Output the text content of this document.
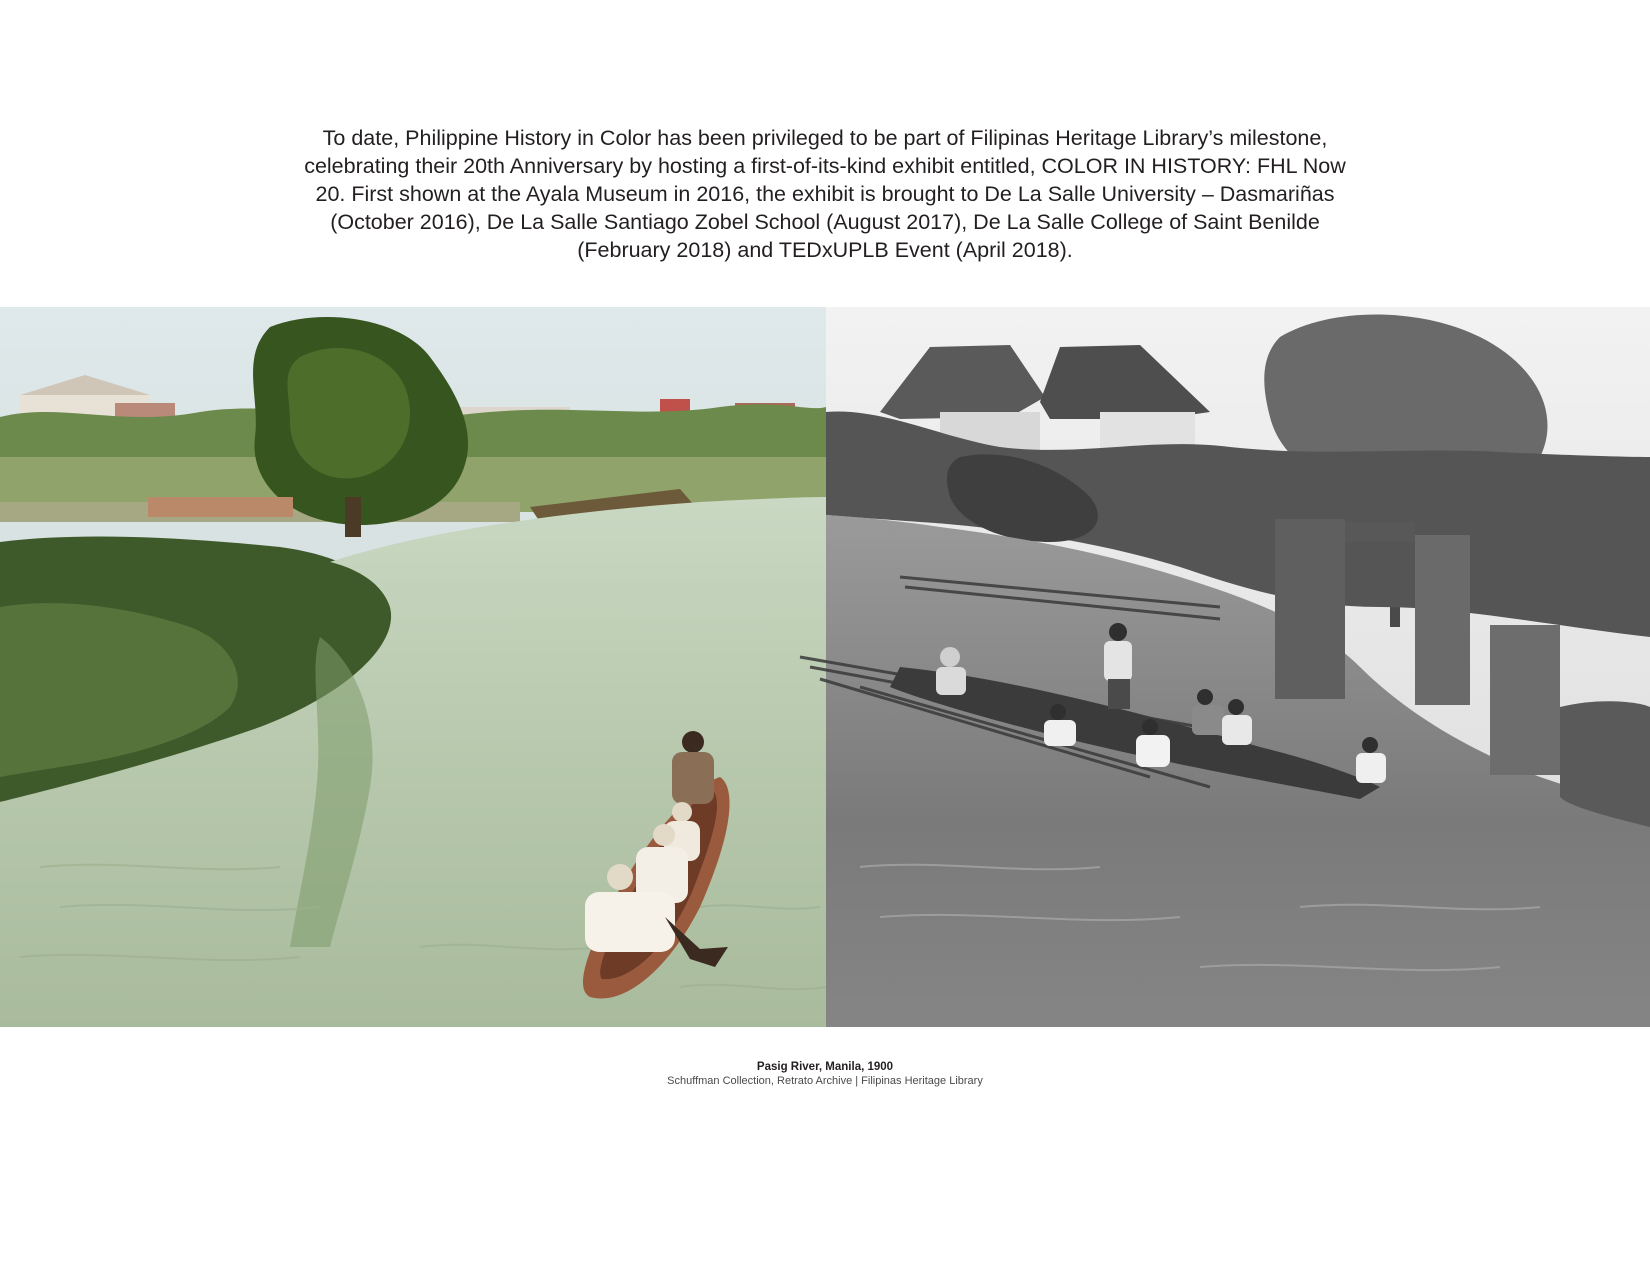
To date, Philippine History in Color has been privileged to be part of Filipinas Heritage Library’s milestone,
celebrating their 20th Anniversary by hosting a first-of-its-kind exhibit entitled, COLOR IN HISTORY: FHL Now
20. First shown at the Ayala Museum in 2016, the exhibit is brought to De La Salle University – Dasmariñas
(October 2016), De La Salle Santiago Zobel School (August 2017), De La Salle College of Saint Benilde
(February 2018) and TEDxUPLB Event (April 2018).
Pasig River, Manila, 1900
Schuffman Collection, Retrato Archive | Filipinas Heritage Library
